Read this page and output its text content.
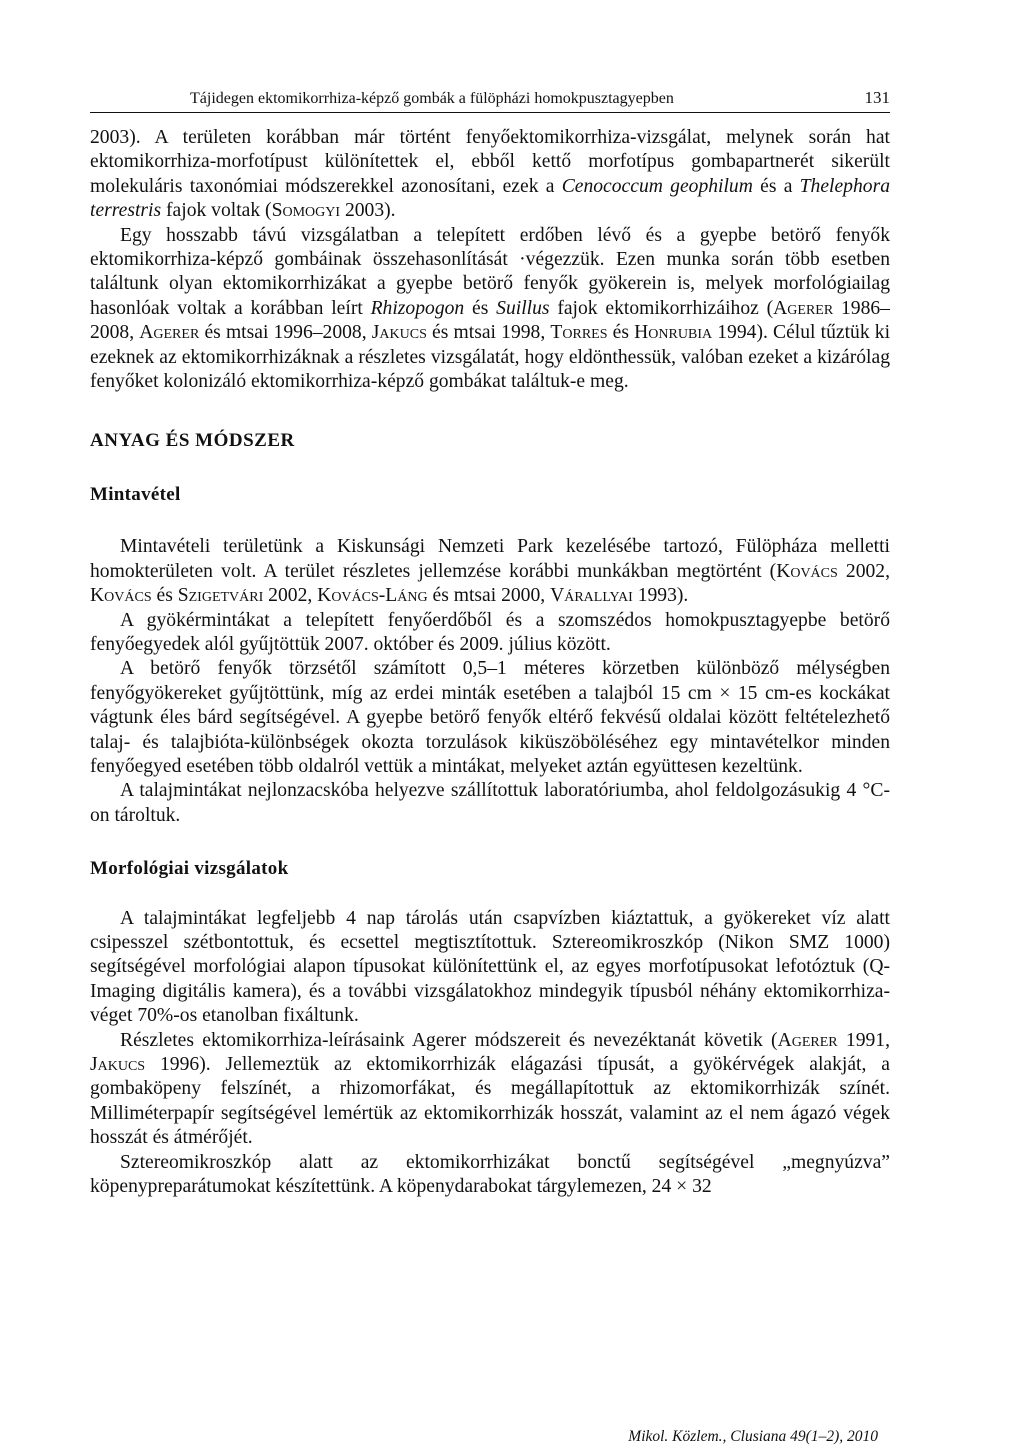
Tájidegen ektomikorrhiza-képző gombák a fülöpházi homokpusztagyepben	131

2003). A területen korábban már történt fenyőektomikorrhiza-vizsgálat, melynek során hat ektomikorrhiza-morfotípust különítettek el, ebből kettő morfotípus gombapartnerét sikerült molekuláris taxonómiai módszerekkel azonosítani, ezek a Cenococcum geophilum és a Thelephora terrestris fajok voltak (Somogyi 2003).

Egy hosszabb távú vizsgálatban a telepített erdőben lévő és a gyepbe betörő fenyők ektomikorrhiza-képző gombáinak összehasonlítását ·végezzük. Ezen munka során több esetben találtunk olyan ektomikorrhizákat a gyepbe betörő fenyők gyökerein is, melyek morfológiailag hasonlóak voltak a korábban leírt Rhizopogon és Suillus fajok ektomikorrhizáihoz (Agerer 1986–2008, Agerer és mtsai 1996–2008, Jakucs és mtsai 1998, Torres és Honrubia 1994). Célul tűztük ki ezeknek az ektomikorrhizáknak a részletes vizsgálatát, hogy eldönthessük, valóban ezeket a kizárólag fenyőket kolonizáló ektomikorrhiza-képző gombákat találtuk-e meg.

ANYAG ÉS MÓDSZER
Mintavétel

Mintavételi területünk a Kiskunsági Nemzeti Park kezelésébe tartozó, Fülöpháza melletti homokterületen volt. A terület részletes jellemzése korábbi munkákban megtörtént (Kovács 2002, Kovács és Szigetvári 2002, Kovács-Láng és mtsai 2000, Várallyai 1993).

A gyökérmintákat a telepített fenyőerdőből és a szomszédos homokpusztagyepbe betörő fenyőegyedek alól gyűjtöttük 2007. október és 2009. július között.

A betörő fenyők törzsétől számított 0,5–1 méteres körzetben különböző mélységben fenyőgyökereket gyűjtöttünk, míg az erdei minták esetében a talajból 15 cm × 15 cm-es kockákat vágtunk éles bárd segítségével. A gyepbe betörő fenyők eltérő fekvésű oldalai között feltételezhető talaj- és talajbióta-különbségek okozta torzulások kiküszöböléséhez egy mintavételkor minden fenyőegyed esetében több oldalról vettük a mintákat, melyeket aztán együttesen kezeltünk.

A talajmintákat nejlonzacskóba helyezve szállítottuk laboratóriumba, ahol feldolgozásukig 4 °C-on tároltuk.

Morfológiai vizsgálatok

A talajmintákat legfeljebb 4 nap tárolás után csapvízben kiáztattuk, a gyökereket víz alatt csipesszel szétbontottuk, és ecsettel megtisztítottuk. Sztereomikroszkóp (Nikon SMZ 1000) segítségével morfológiai alapon típusokat különítettünk el, az egyes morfotípusokat lefotóztuk (Q-Imaging digitális kamera), és a további vizsgálatokhoz mindegyik típusból néhány ektomikorrhiza-véget 70%-os etanolban fixáltunk.

Részletes ektomikorrhiza-leírásaink Agerer módszereit és nevezéktanát követik (Agerer 1991, Jakucs 1996). Jellemeztük az ektomikorrhizák elágazási típusát, a gyökérvégek alakját, a gombaköpeny felszínét, a rhizomorfákat, és megállapítottuk az ektomikorrhizák színét. Milliméterpapír segítségével lemértük az ektomikorrhizák hosszát, valamint az el nem ágazó végek hosszát és átmérőjét.

Sztereomikroszkóp alatt az ektomikorrhizákat bonctű segítségével „megnyúzva” köpenypreparátumokat készítettünk. A köpenydarabokat tárgylemezen, 24 × 32

Mikol. Közlem., Clusiana 49(1–2), 2010
